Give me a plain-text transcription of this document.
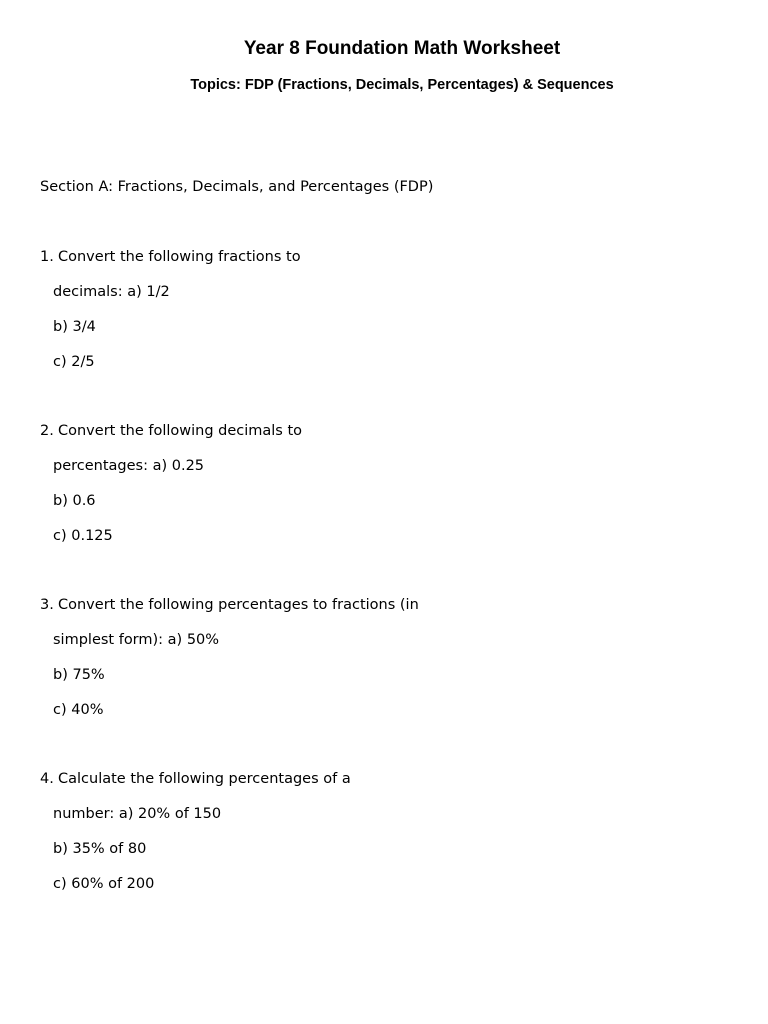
Year 8 Foundation Math Worksheet
Topics: FDP (Fractions, Decimals, Percentages) & Sequences
Section A: Fractions, Decimals, and Percentages (FDP)
1. Convert the following fractions to
decimals: a) 1/2
b) 3/4
c) 2/5
2. Convert the following decimals to
percentages: a) 0.25
b) 0.6
c) 0.125
3. Convert the following percentages to fractions (in
simplest form): a) 50%
b) 75%
c) 40%
4. Calculate the following percentages of a
number: a) 20% of 150
b) 35% of 80
c) 60% of 200
